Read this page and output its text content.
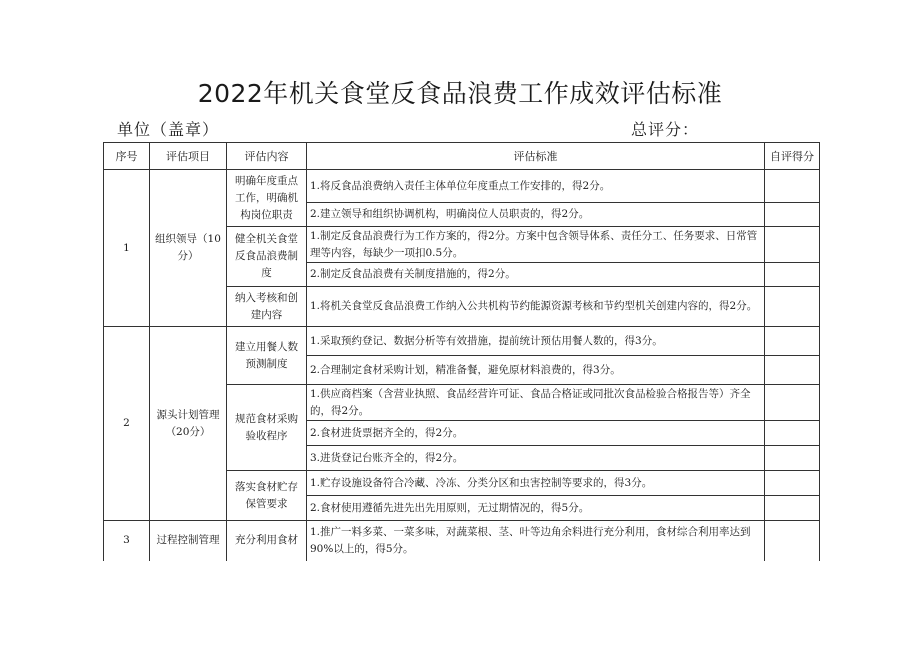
2022年机关食堂反食品浪费工作成效评估标准
单位（盖章）	总评分：
序号	评估项目	评估内容	评估标准	自评得分
1	组织领导（10分）	明确年度重点工作，明确机构岗位职责	1.将反食品浪费纳入责任主体单位年度重点工作安排的，得2分。	
			2.建立领导和组织协调机构，明确岗位人员职责的，得2分。	
		健全机关食堂反食品浪费制度	1.制定反食品浪费行为工作方案的，得2分。方案中包含领导体系、责任分工、任务要求、日常管理等内容，每缺少一项扣0.5分。	
			2.制定反食品浪费有关制度措施的，得2分。	
		纳入考核和创建内容	1.将机关食堂反食品浪费工作纳入公共机构节约能源资源考核和节约型机关创建内容的，得2分。	
2	源头计划管理（20分）	建立用餐人数预测制度	1.采取预约登记、数据分析等有效措施，提前统计预估用餐人数的，得3分。	
			2.合理制定食材采购计划，精准备餐，避免原材料浪费的，得3分。	
		规范食材采购验收程序	1.供应商档案（含营业执照、食品经营许可证、食品合格证或同批次食品检验合格报告等）齐全的，得2分。	
			2.食材进货票据齐全的，得2分。	
			3.进货登记台账齐全的，得2分。	
		落实食材贮存保管要求	1.贮存设施设备符合冷藏、冷冻、分类分区和虫害控制等要求的，得3分。	
			2.食材使用遵循先进先出先用原则，无过期情况的，得5分。	
3	过程控制管理	充分利用食材	1.推广一料多菜、一菜多味，对蔬菜根、茎、叶等边角余料进行充分利用，食材综合利用率达到90%以上的，得5分。	
